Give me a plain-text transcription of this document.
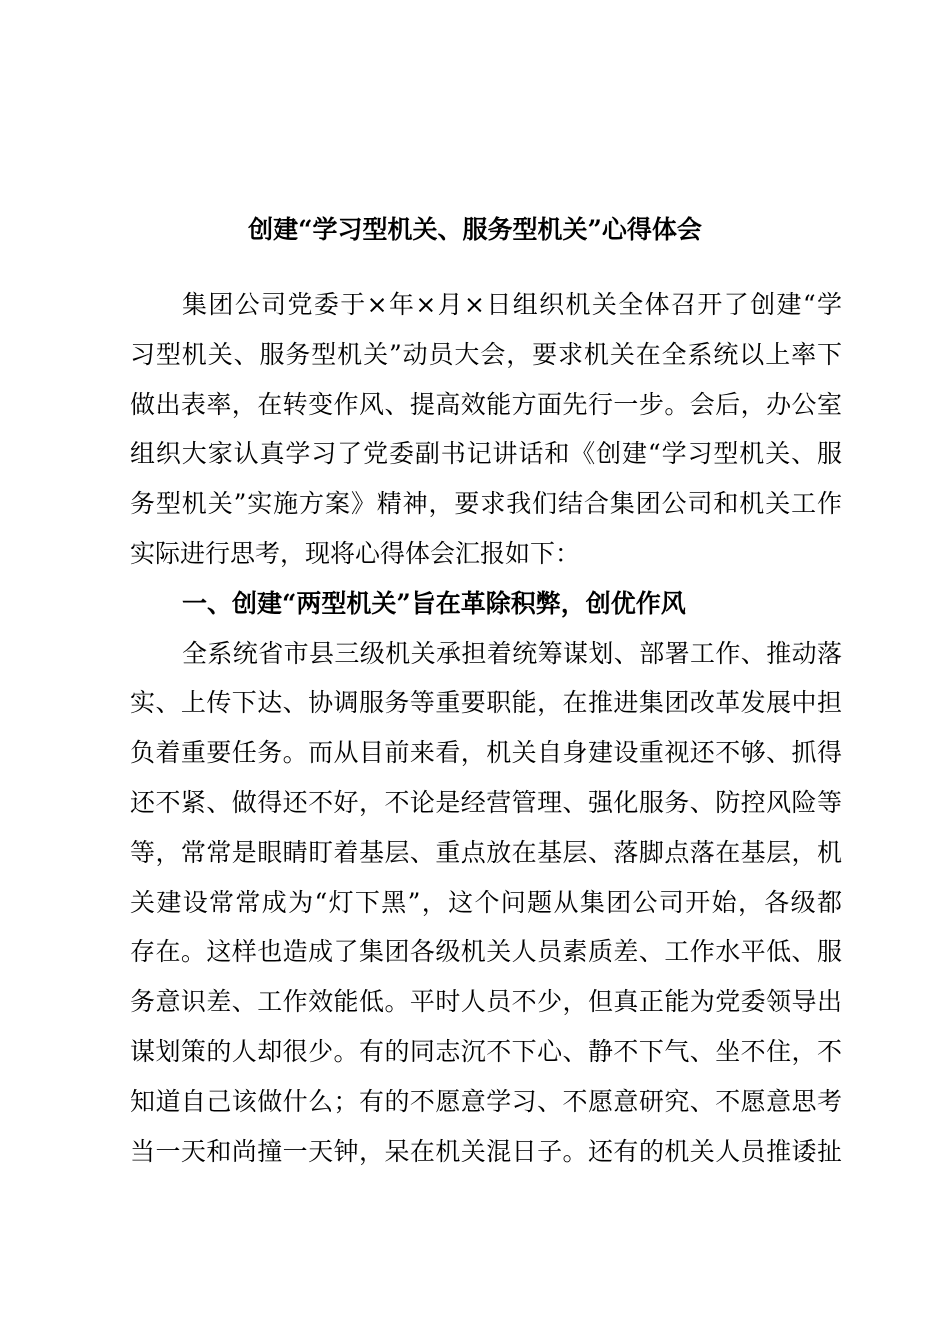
创建“学习型机关、服务型机关”心得体会
集团公司党委于×年×月×日组织机关全体召开了创建“学
习型机关、服务型机关”动员大会，要求机关在全系统以上率下
做出表率，在转变作风、提高效能方面先行一步。会后，办公室
组织大家认真学习了党委副书记讲话和《创建“学习型机关、服
务型机关”实施方案》精神，要求我们结合集团公司和机关工作
实际进行思考，现将心得体会汇报如下：
一、创建“两型机关”旨在革除积弊，创优作风
全系统省市县三级机关承担着统筹谋划、部署工作、推动落
实、上传下达、协调服务等重要职能，在推进集团改革发展中担
负着重要任务。而从目前来看，机关自身建设重视还不够、抓得
还不紧、做得还不好，不论是经营管理、强化服务、防控风险等
等，常常是眼睛盯着基层、重点放在基层、落脚点落在基层，机
关建设常常成为“灯下黑”，这个问题从集团公司开始，各级都
存在。这样也造成了集团各级机关人员素质差、工作水平低、服
务意识差、工作效能低。平时人员不少，但真正能为党委领导出
谋划策的人却很少。有的同志沉不下心、静不下气、坐不住，不
知道自己该做什么；有的不愿意学习、不愿意研究、不愿意思考
当一天和尚撞一天钟，呆在机关混日子。还有的机关人员推诿扯
